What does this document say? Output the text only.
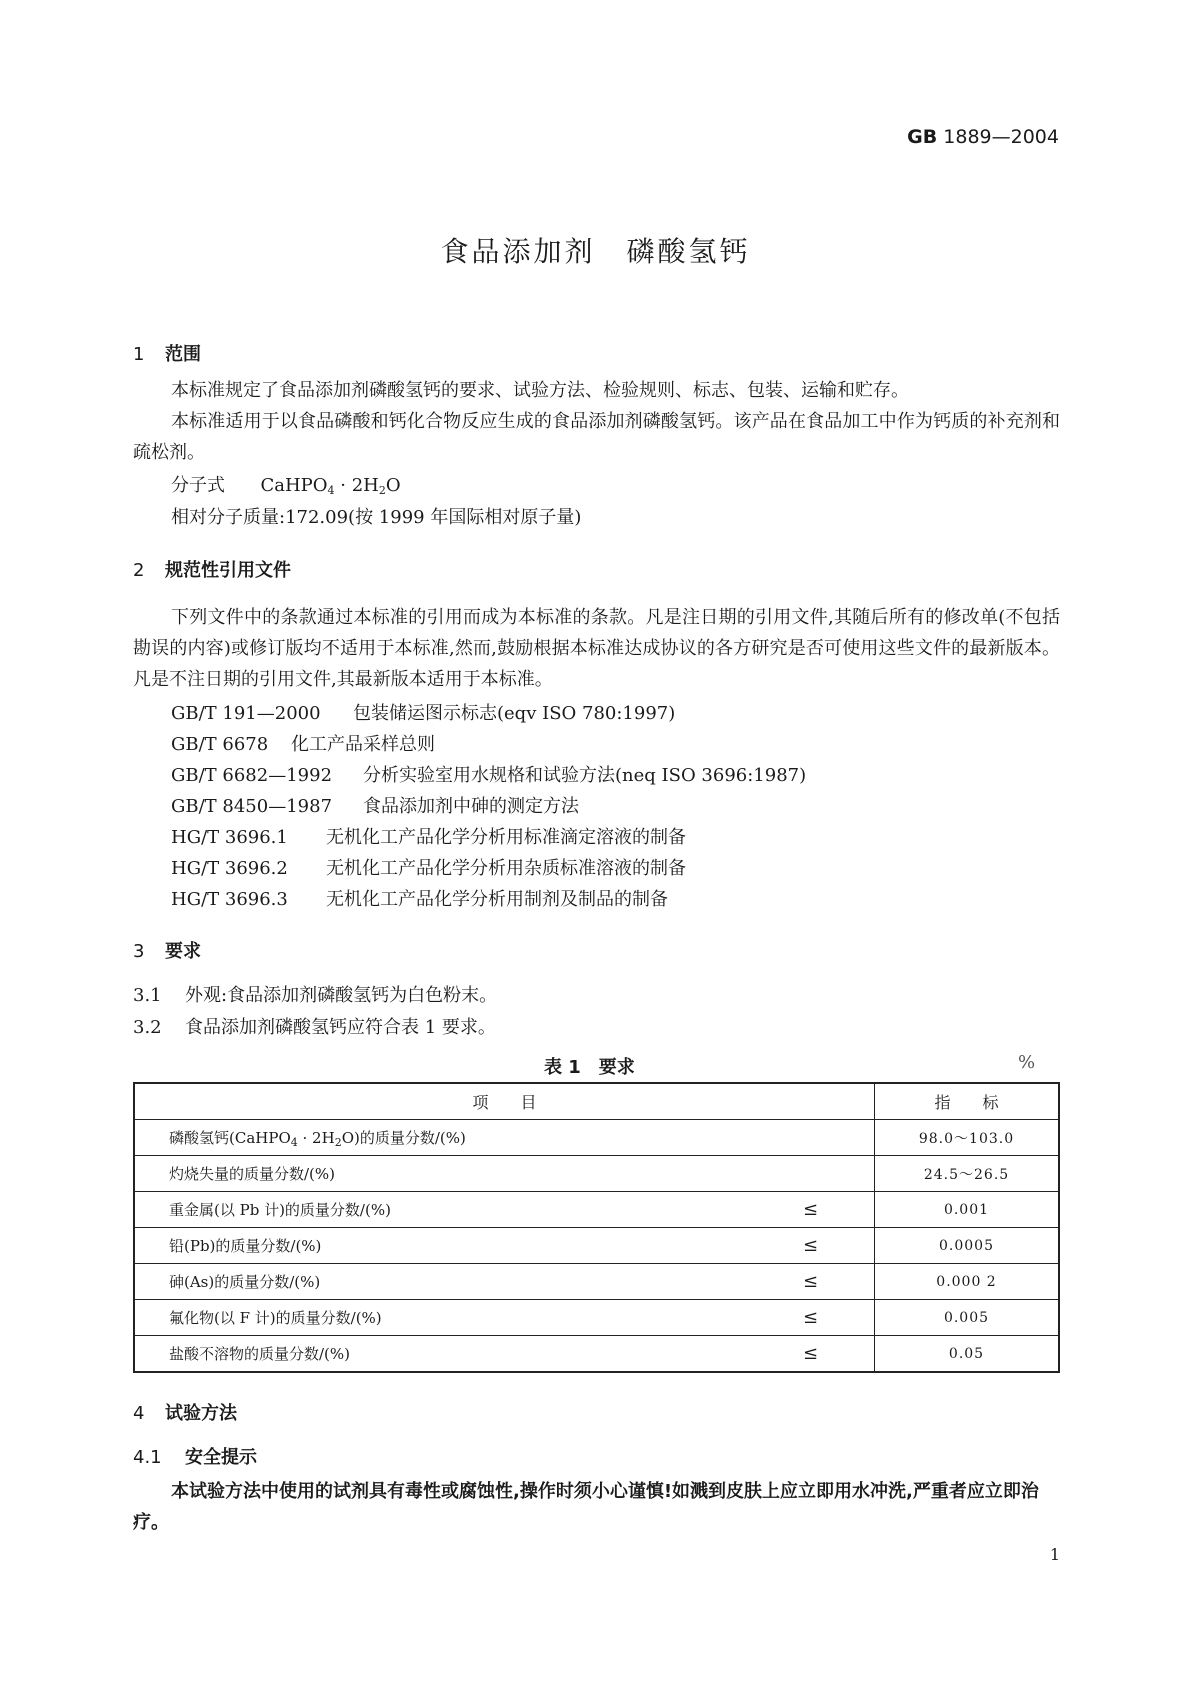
GB 1889—2004
食品添加剂　磷酸氢钙
1 范围

本标准规定了食品添加剂磷酸氢钙的要求、试验方法、检验规则、标志、包装、运输和贮存。

本标准适用于以食品磷酸和钙化合物反应生成的食品添加剂磷酸氢钙。该产品在食品加工中作为钙质的补充剂和疏松剂。

分子式 CaHPO$_4$ · $2H_2O$
相对分子质量:172.09(按 1999 年国际相对原子量)
2 规范性引用文件

下列文件中的条款通过本标准的引用而成为本标准的条款。凡是注日期的引用文件,其随后所有的修改单(不包括勘误的内容)或修订版均不适用于本标准,然而,鼓励根据本标准达成协议的各方研究是否可使用这些文件的最新版本。凡是不注日期的引用文件,其最新版本适用于本标准。

GB/T 191—2000 包装储运图示标志(eqv ISO 780:1997)
GB/T 6678 化工产品采样总则
GB/T 6682—1992 分析实验室用水规格和试验方法(neq ISO 3696:1987)
GB/T 8450—1987 食品添加剂中砷的测定方法
HG/T 3696.1 无机化工产品化学分析用标准滴定溶液的制备
HG/T 3696.2 无机化工产品化学分析用杂质标准溶液的制备
HG/T 3696.3 无机化工产品化学分析用制剂及制品的制备
3 要求
3.1 外观:食品添加剂磷酸氢钙为白色粉末。
3.2 食品添加剂磷酸氢钙应符合表 1 要求。
表 1　要求	%
项　　目	指　　标
磷酸氢钙(CaHPO$_4$ · $2H_2O$)的质量分数/(%)	98.0～103.0
灼烧失量的质量分数/(%)	24.5～26.5
重金属(以 Pb 计)的质量分数/(%) ≤	0.001
铅(Pb)的质量分数/(%) ≤	0.0005
砷(As)的质量分数/(%) ≤	0.000 2
氟化物(以 F 计)的质量分数/(%) ≤	0.005
盐酸不溶物的质量分数/(%) ≤	0.05
4 试验方法
4.1 安全提示

本试验方法中使用的试剂具有毒性或腐蚀性,操作时须小心谨慎!如溅到皮肤上应立即用水冲洗,严重者应立即治疗。

1
